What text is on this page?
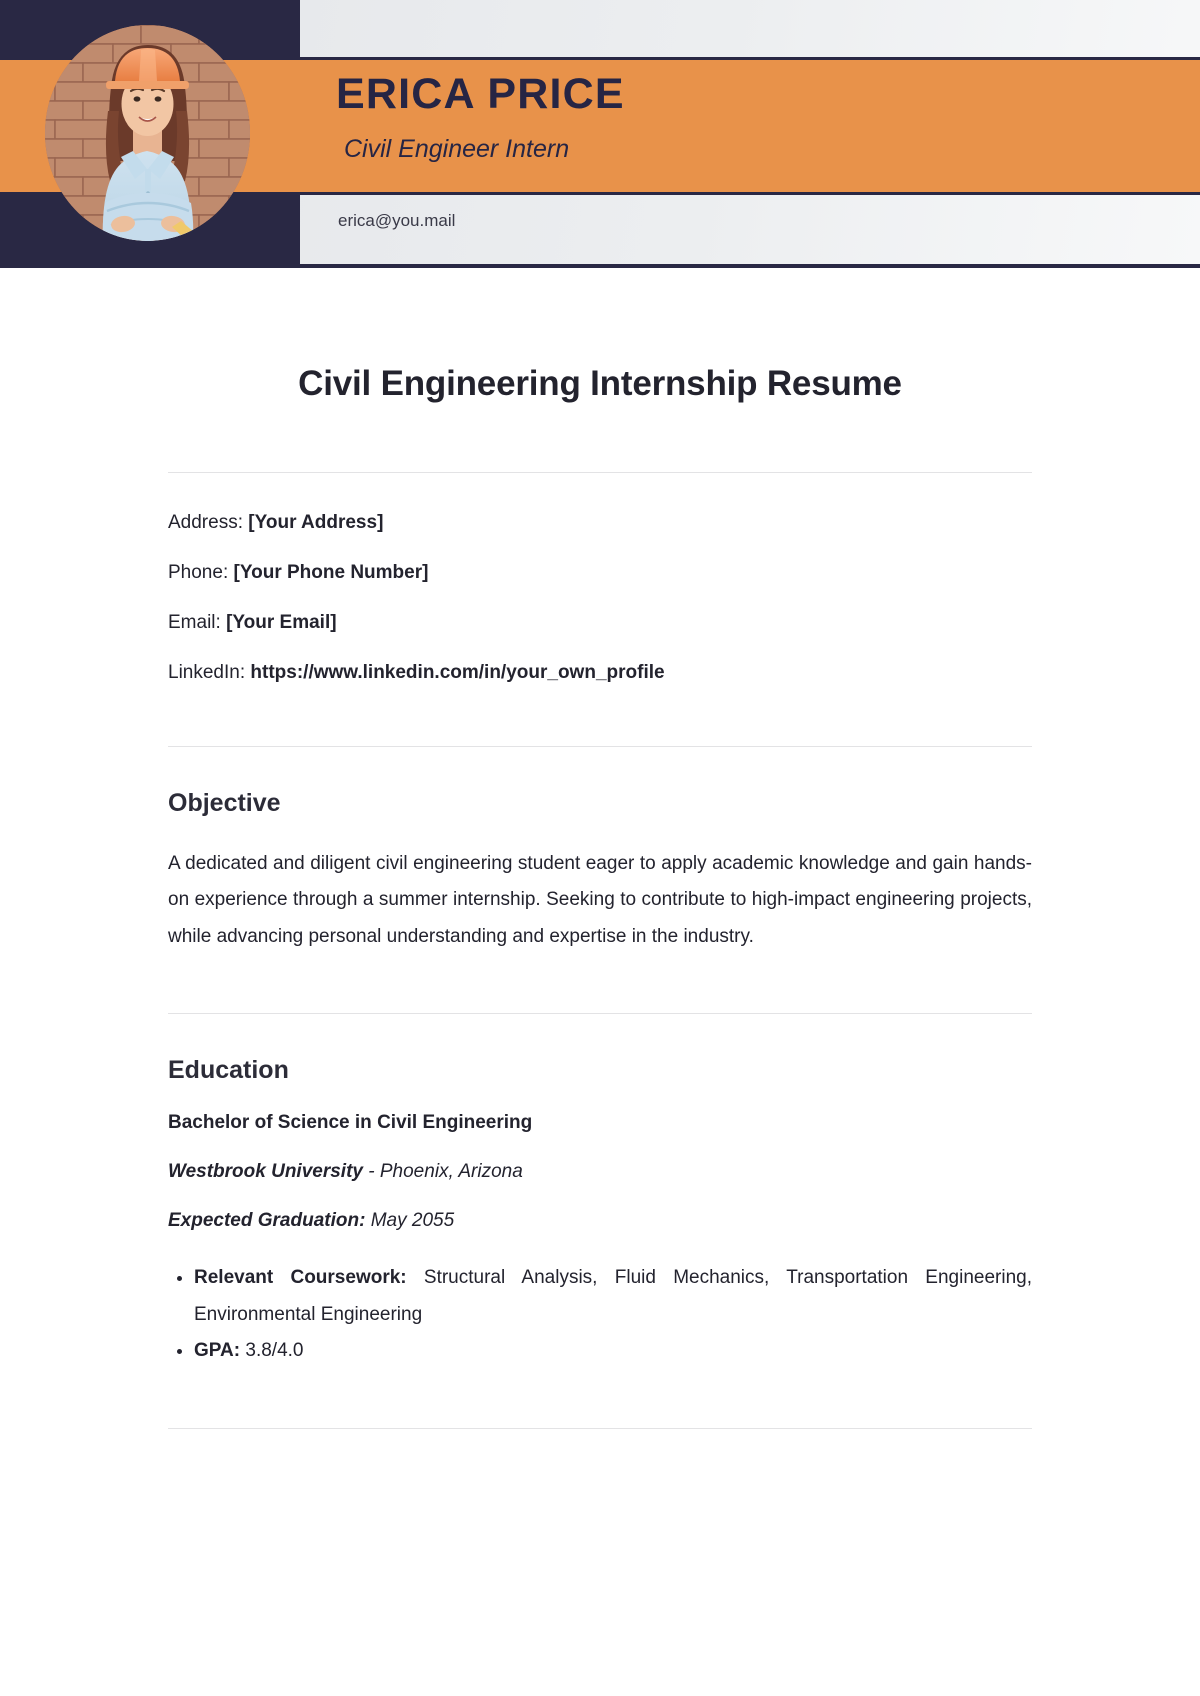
ERICA PRICE
Civil Engineer Intern
erica@you.mail
Civil Engineering Internship Resume
Address: [Your Address]
Phone: [Your Phone Number]
Email: [Your Email]
LinkedIn: https://www.linkedin.com/in/your_own_profile
Objective

A dedicated and diligent civil engineering student eager to apply academic knowledge and gain hands-on experience through a summer internship. Seeking to contribute to high-impact engineering projects, while advancing personal understanding and expertise in the industry.

Education
Bachelor of Science in Civil Engineering
Westbrook University - Phoenix, Arizona
Expected Graduation: May 2055
• Relevant Coursework: Structural Analysis, Fluid Mechanics, Transportation Engineering, Environmental Engineering
• GPA: 3.8/4.0
